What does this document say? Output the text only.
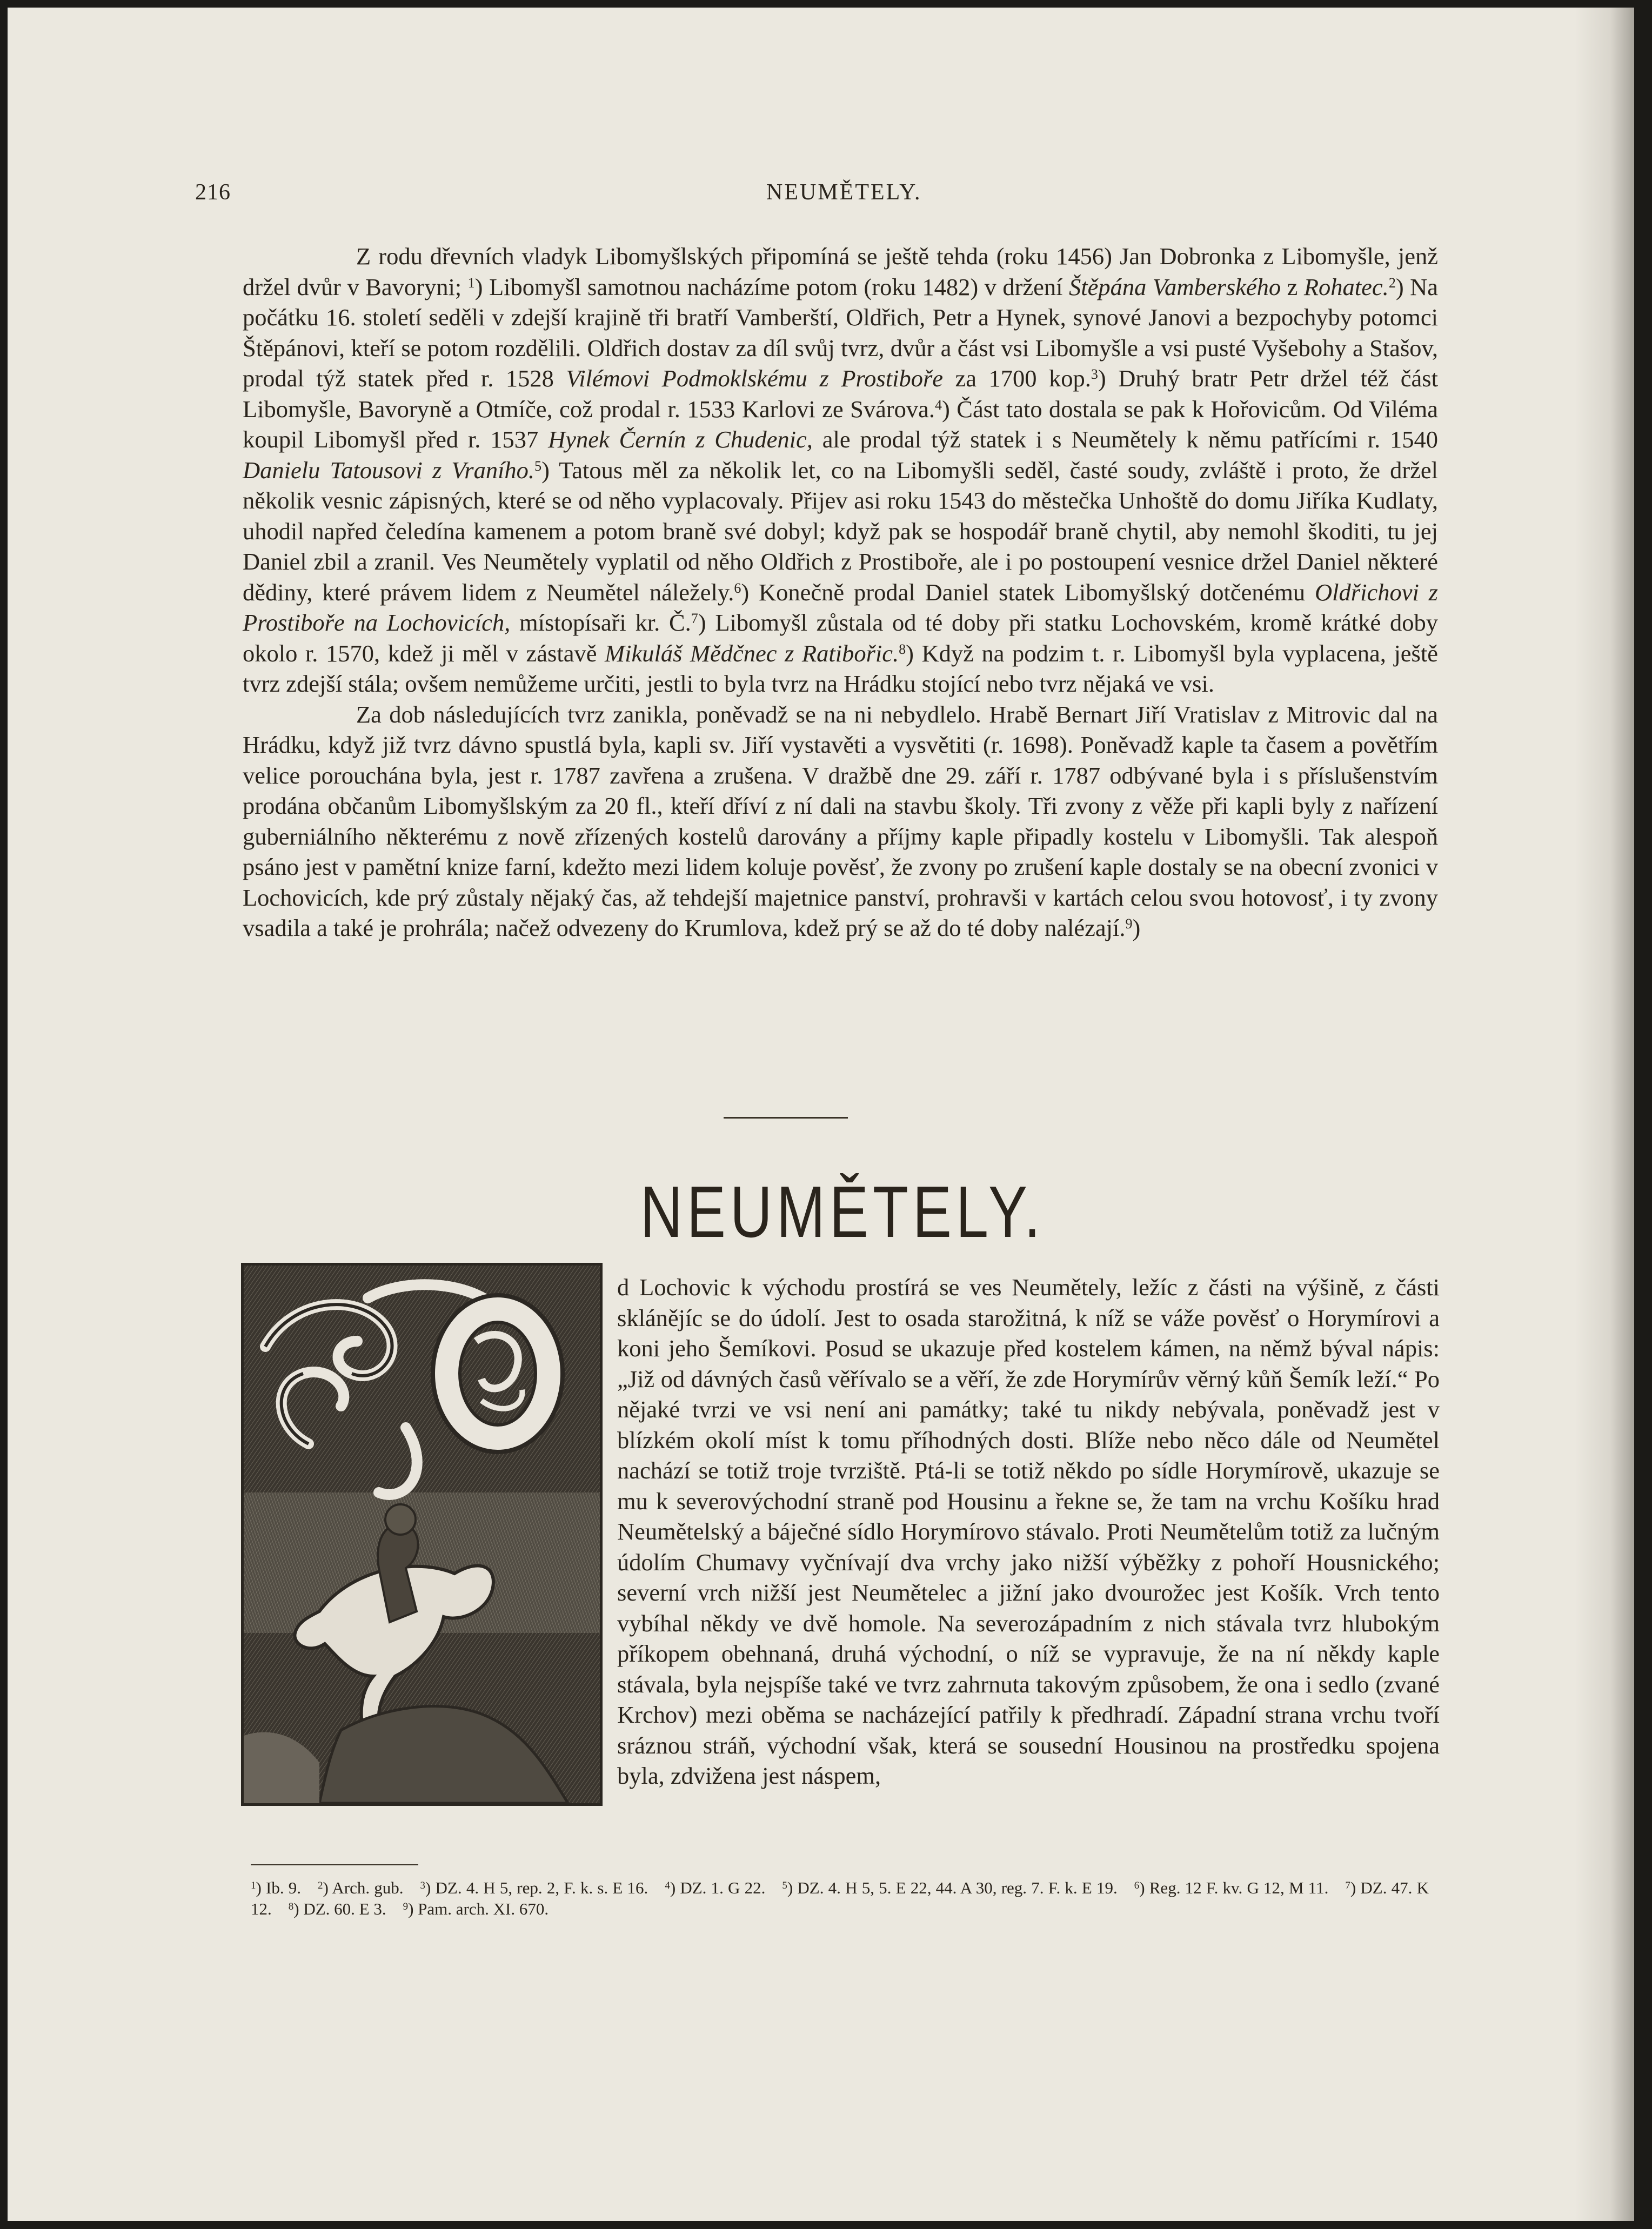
216	NEUMĚTELY.

Z rodu dřevních vladyk Libomyšlských připomíná se ještě tehda (roku 1456) Jan Dobronka z Libomyšle, jenž držel dvůr v Bavoryni; $^1$) Libomyšl samotnou nacházíme potom (roku 1482) v držení Štěpána Vamberského z Rohatec.$^2$) Na počátku 16. století seděli v zdejší krajině tři bratří Vamberští, Oldřich, Petr a Hynek, synové Janovi a bezpochyby potomci Štěpánovi, kteří se potom rozdělili. Oldřich dostav za díl svůj tvrz, dvůr a část vsi Libomyšle a vsi pusté Vyšebohy a Stašov, prodal týž statek před r. 1528 Vilémovi Podmoklskému z Prostiboře za 1700 kop.$^3$) Druhý bratr Petr držel též část Libomyšle, Bavoryně a Otmíče, což prodal r. 1533 Karlovi ze Svárova.$^4$) Část tato dostala se pak k Hořovicům. Od Viléma koupil Libomyšl před r. 1537 Hynek Černín z Chudenic, ale prodal týž statek i s Neumětely k němu patřícími r. 1540 Danielu Tatousovi z Vraního.$^5$) Tatous měl za několik let, co na Libomyšli seděl, časté soudy, zvláště i proto, že držel několik vesnic zápisných, které se od něho vyplacovaly. Přijev asi roku 1543 do městečka Unhoště do domu Jiříka Kudlaty, uhodil napřed čeledína kamenem a potom braně své dobyl; když pak se hospodář braně chytil, aby nemohl škoditi, tu jej Daniel zbil a zranil. Ves Neumětely vyplatil od něho Oldřich z Prostiboře, ale i po postoupení vesnice držel Daniel některé dědiny, které právem lidem z Neumětel náležely.$^6$) Konečně prodal Daniel statek Libomyšlský dotčenému Oldřichovi z Prostiboře na Lochovicích, místopísaři kr. Č.$^7$) Libomyšl zůstala od té doby při statku Lochovském, kromě krátké doby okolo r. 1570, kdež ji měl v zástavě Mikuláš Mědčnec z Ratibořic.$^8$) Když na podzim t. r. Libomyšl byla vyplacena, ještě tvrz zdejší stála; ovšem nemůžeme určiti, jestli to byla tvrz na Hrádku stojící nebo tvrz nějaká ve vsi.

Za dob následujících tvrz zanikla, poněvadž se na ni nebydlelo. Hrabě Bernart Jiří Vratislav z Mitrovic dal na Hrádku, když již tvrz dávno spustlá byla, kapli sv. Jiří vystavěti a vysvětiti (r. 1698). Poněvadž kaple ta časem a povětřím velice porouchána byla, jest r. 1787 zavřena a zrušena. V dražbě dne 29. září r. 1787 odbývané byla i s příslušenstvím prodána občanům Libomyšlským za 20 fl., kteří dříví z ní dali na stavbu školy. Tři zvony z věže při kapli byly z nařízení guberniálního některému z nově zřízených kostelů darovány a příjmy kaple připadly kostelu v Libomyšli. Tak alespoň psáno jest v pamětní knize farní, kdežto mezi lidem koluje pověsť, že zvony po zrušení kaple dostaly se na obecní zvonici v Lochovicích, kde prý zůstaly nějaký čas, až tehdejší majetnice panství, prohravši v kartách celou svou hotovosť, i ty zvony vsadila a také je prohrála; načež odvezeny do Krumlova, kdež prý se až do té doby nalézají.$^9$)

NEUMĚTELY.

d Lochovic k východu prostírá se ves Neumětely, ležíc z části na výšině, z části sklánějíc se do údolí. Jest to osada starožitná, k níž se váže pověsť o Horymírovi a koni jeho Šemíkovi. Posud se ukazuje před kostelem kámen, na němž býval nápis: „Již od dávných časů věřívalo se a věří, že zde Horymírův věrný kůň Šemík leží.“ Po nějaké tvrzi ve vsi není ani památky; také tu nikdy nebývala, poněvadž jest v blízkém okolí míst k tomu příhodných dosti. Blíže nebo něco dále od Neumětel nachází se totiž troje tvrziště. Ptá-li se totiž někdo po sídle Horymírově, ukazuje se mu k severovýchodní straně pod Housinu a řekne se, že tam na vrchu Košíku hrad Neumětelský a báječné sídlo Horymírovo stávalo. Proti Neumětelům totiž za lučným údolím Chumavy vyčnívají dva vrchy jako nižší výběžky z pohoří Housnického; severní vrch nižší jest Neumětelec a jižní jako dvourožec jest Košík. Vrch tento vybíhal někdy ve dvě homole. Na severozápadním z nich stávala tvrz hlubokým příkopem obehnaná, druhá východní, o níž se vypravuje, že na ní někdy kaple stávala, byla nejspíše také ve tvrz zahrnuta takovým způsobem, že ona i sedlo (zvané Krchov) mezi oběma se nacházející patřily k předhradí. Západní strana vrchu tvoří sráznou stráň, východní však, která se sousední Housinou na prostředku spojena byla, zdvižena jest náspem,

$^1$) Ib. 9.  $^2$) Arch. gub.  $^3$) DZ. 4. H 5, rep. 2, F. k. s. E 16.  $^4$) DZ. 1. G 22.  $^5$) DZ. 4. H 5, 5. E 22, 44. A 30, reg. 7. F. k. E 19.  $^6$) Reg. 12 F. kv. G 12, M 11.  $^7$) DZ. 47. K 12.  $^8$) DZ. 60. E 3.  $^9$) Pam. arch. XI. 670. 
